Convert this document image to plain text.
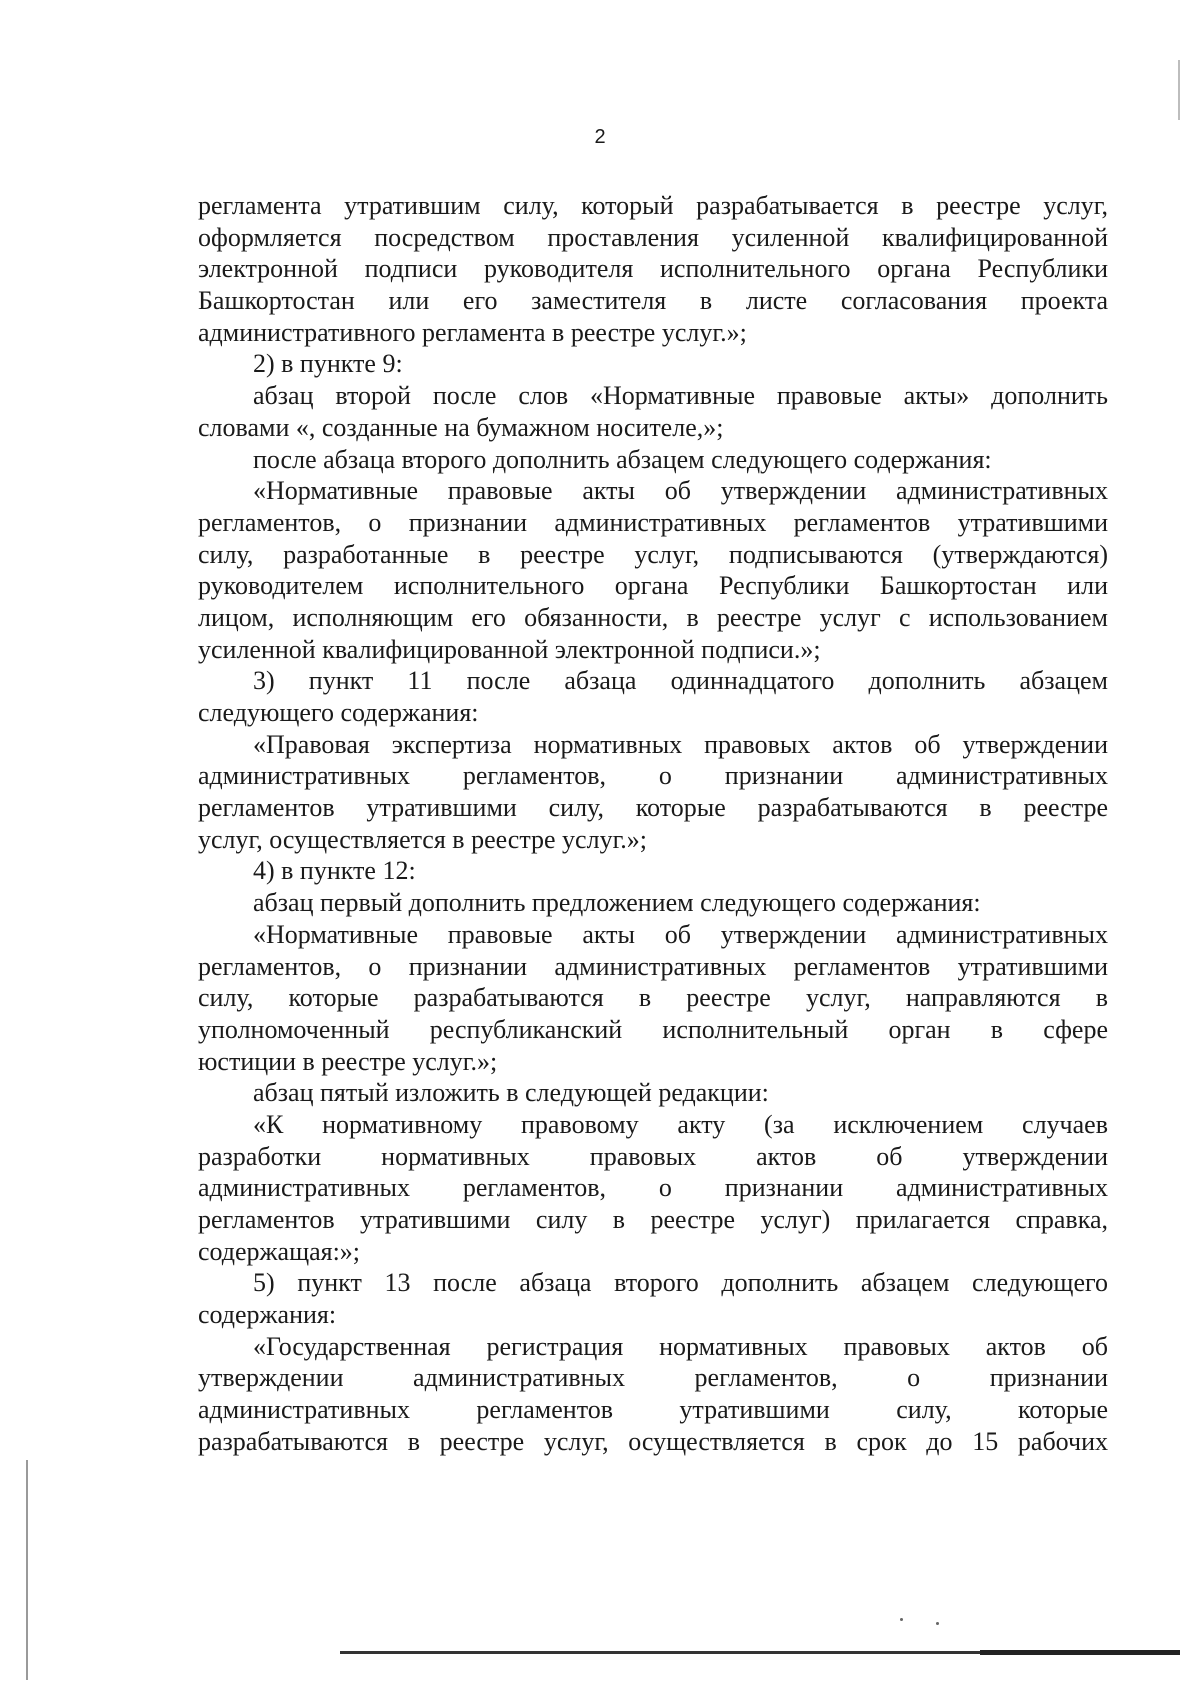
2
регламента утратившим силу, который разрабатывается в реестре услуг,
оформляется посредством проставления усиленной квалифицированной
электронной подписи руководителя исполнительного органа Республики
Башкортостан или его заместителя в листе согласования проекта
административного регламента в реестре услуг.»;
2) в пункте 9:
абзац второй после слов «Нормативные правовые акты» дополнить
словами «, созданные на бумажном носителе,»;
после абзаца второго дополнить абзацем следующего содержания:
«Нормативные правовые акты об утверждении административных
регламентов, о признании административных регламентов утратившими
силу, разработанные в реестре услуг, подписываются (утверждаются)
руководителем исполнительного органа Республики Башкортостан или
лицом, исполняющим его обязанности, в реестре услуг с использованием
усиленной квалифицированной электронной подписи.»;
3) пункт 11 после абзаца одиннадцатого дополнить абзацем
следующего содержания:
«Правовая экспертиза нормативных правовых актов об утверждении
административных регламентов, о признании административных
регламентов утратившими силу, которые разрабатываются в реестре
услуг, осуществляется в реестре услуг.»;
4) в пункте 12:
абзац первый дополнить предложением следующего содержания:
«Нормативные правовые акты об утверждении административных
регламентов, о признании административных регламентов утратившими
силу, которые разрабатываются в реестре услуг, направляются в
уполномоченный республиканский исполнительный орган в сфере
юстиции в реестре услуг.»;
абзац пятый изложить в следующей редакции:
«К нормативному правовому акту (за исключением случаев
разработки нормативных правовых актов об утверждении
административных регламентов, о признании административных
регламентов утратившими силу в реестре услуг) прилагается справка,
содержащая:»;
5) пункт 13 после абзаца второго дополнить абзацем следующего
содержания:
«Государственная регистрация нормативных правовых актов об
утверждении административных регламентов, о признании
административных регламентов утратившими силу, которые
разрабатываются в реестре услуг, осуществляется в срок до 15 рабочих
